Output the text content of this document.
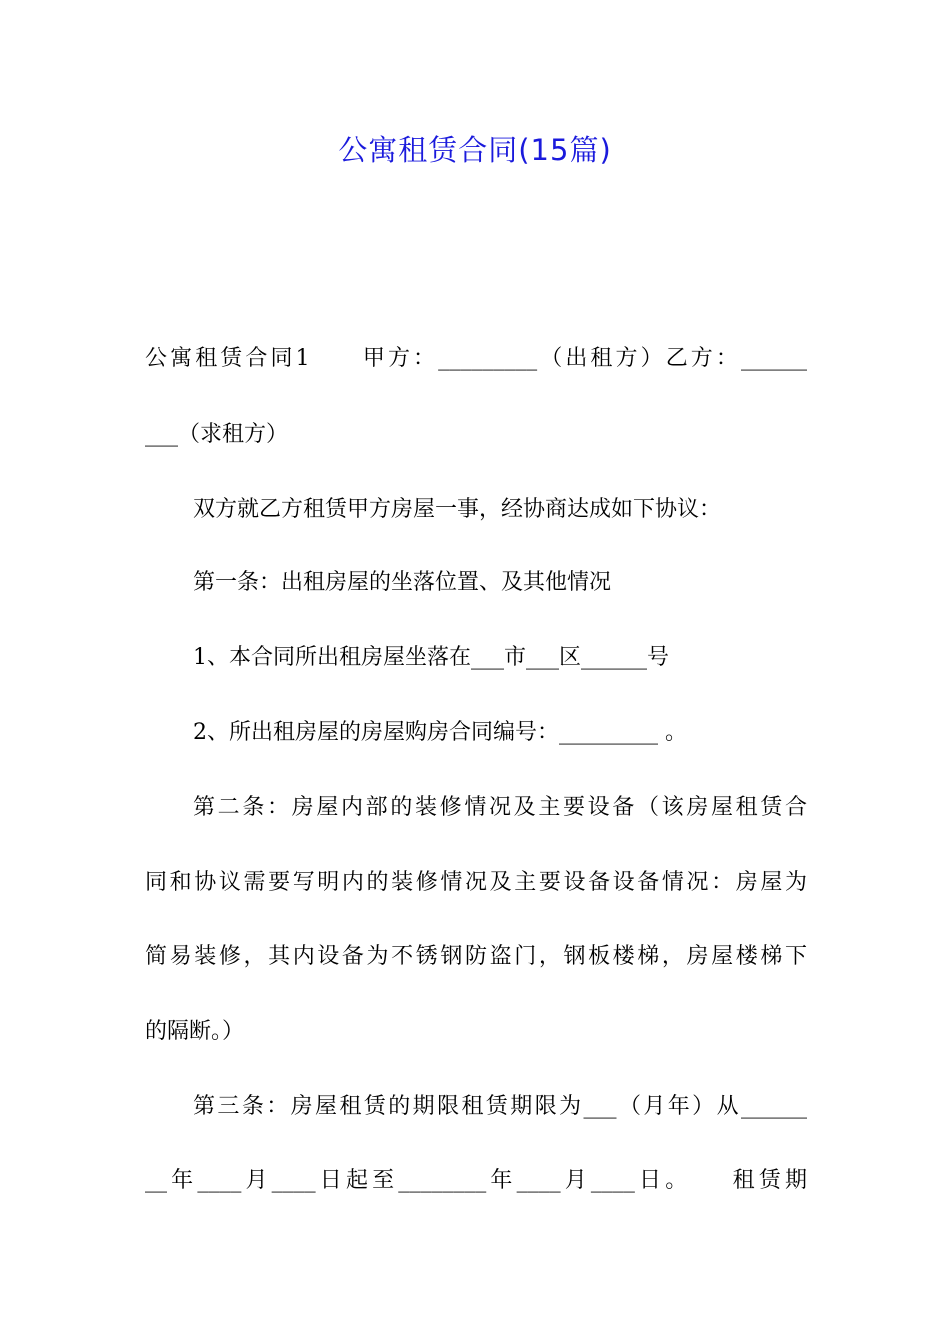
公寓租赁合同(15篇)
公寓租赁合同1　　甲方：_________（出租方）乙方：______
___（求租方）
双方就乙方租赁甲方房屋一事，经协商达成如下协议：
第一条：出租房屋的坐落位置、及其他情况
1、本合同所出租房屋坐落在___市___区______号
2、所出租房屋的房屋购房合同编号：_________ 。
第二条：房屋内部的装修情况及主要设备（该房屋租赁合
同和协议需要写明内的装修情况及主要设备设备情况：房屋为
简易装修，其内设备为不锈钢防盗门，钢板楼梯，房屋楼梯下
的隔断。）
第三条：房屋租赁的期限租赁期限为___（月年）从______
__年____月____日起至________年____月____日。　　租赁期
